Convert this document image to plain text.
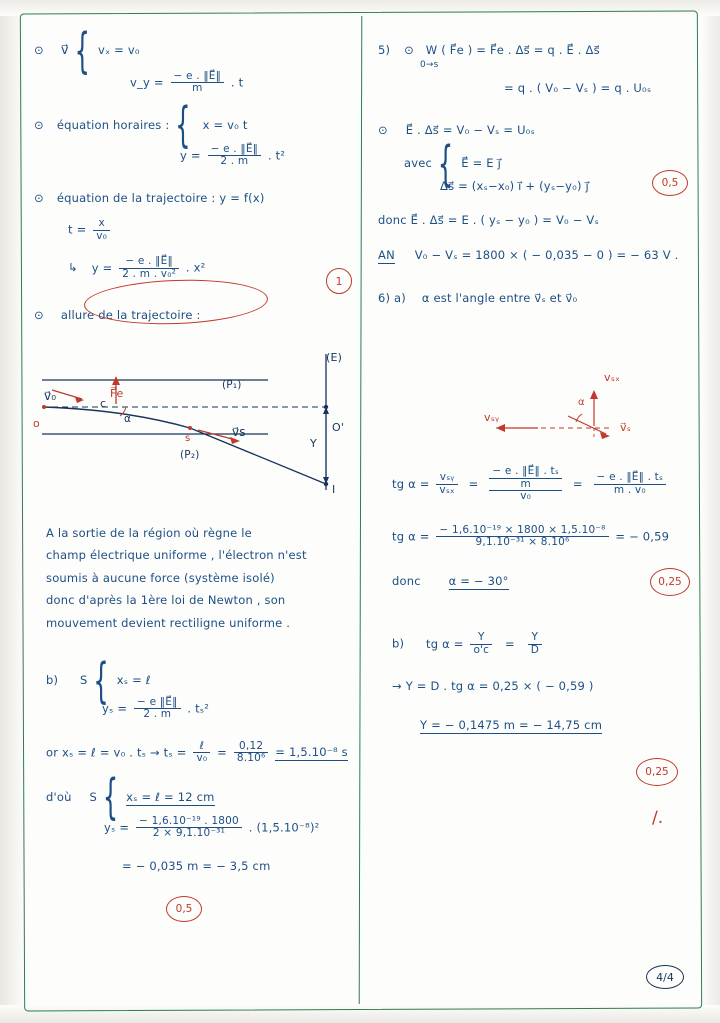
⊙ v⃗ { vₓ = v₀
v_y = $\frac{- e . ‖E⃗‖}{m}$ . t
⊙ équation horaires : { x = v₀ t
$y = \frac{- e . ‖E⃗‖}{2 . m}$ . t²
⊙ équation de la trajectoire : y = f(x)
$t = \frac{x}{\text{v₀}}$
↳ $y = \frac{- e . ‖E⃗‖}{\text{2 . m . v₀²}}$ . x²
⊙ allure de la trajectoire :
1
(E)
(P₁)
(P₂)
v⃗₀	F⃗e
v⃗s
α
c
o	O'
s	Y
I
A la sortie de la région où règne le
champ électrique uniforme , l'électron n'est
soumis à aucune force (système isolé)
donc d'après la 1ère loi de Newton , son
mouvement devient rectiligne uniforme .
b) S { xₛ = ℓ
$y_s = \frac{- e ‖E⃗‖}{2 . m}$ . tₛ²
or xₛ = ℓ = v₀ . $t_s \to t_s = \frac{\text{ℓ}}{\text{v₀}} = \frac{0,12}{\text{8.10⁶}} = 1,5.10^{-8}$ s
d'où S { xₛ = ℓ = 12 cm
$y_s = \frac{\text{− 1,6.10⁻¹⁹ . 1800}}{\text{2 × 9,1.10⁻³¹}}$ . (1,5.10⁻⁸)²
= − 0,035 m = − 3,5 cm
0,5
5) ⊙ W ( F⃗e ) = F⃗e . Δs⃗ = q . E⃗ . Δs⃗
0→s
= q . ( V₀ − Vₛ ) = q . U₀ₛ
⊙ E⃗ . Δs⃗ = V₀ − Vₛ = U₀ₛ
avec { E⃗ = E j⃗
Δs⃗ = (xₛ−x₀) i⃗ + (yₛ−y₀) j⃗
donc E⃗ . Δs⃗ = E . ( yₛ − y₀ ) = V₀ − Vₛ
AN V₀ − Vₛ = 1800 × ( − 0,035 − 0 ) = − 63 V .
6) a) α est l'angle entre v⃗ₛ et v⃗₀
0,5
vₛₓ
vₛᵧ
v⃗ₛ
α
tg $\alpha = \frac{\text{vₛᵧ}}{\text{vₛₓ}}$ =
− e . ‖E⃗‖ . tₛ
m
v₀
= $\frac{\text{− e . ‖E⃗‖ . tₛ}}{\text{m . v₀}}$
tg $\alpha = \frac{\text{− 1,6.10⁻¹⁹ × 1800 × 1,5.10⁻⁸}}{\text{9,1.10⁻³¹ × 8.10⁶}}$ = − 0,59
donc α = − 30°	0,25
b) tg $\alpha = \frac{Y}{o'c} = \frac{Y}{D}$
→ Y = D . tg α = 0,25 × ( − 0,59 )
Y = − 0,1475 m = − 14,75 cm
0,25
∕.
4/4
